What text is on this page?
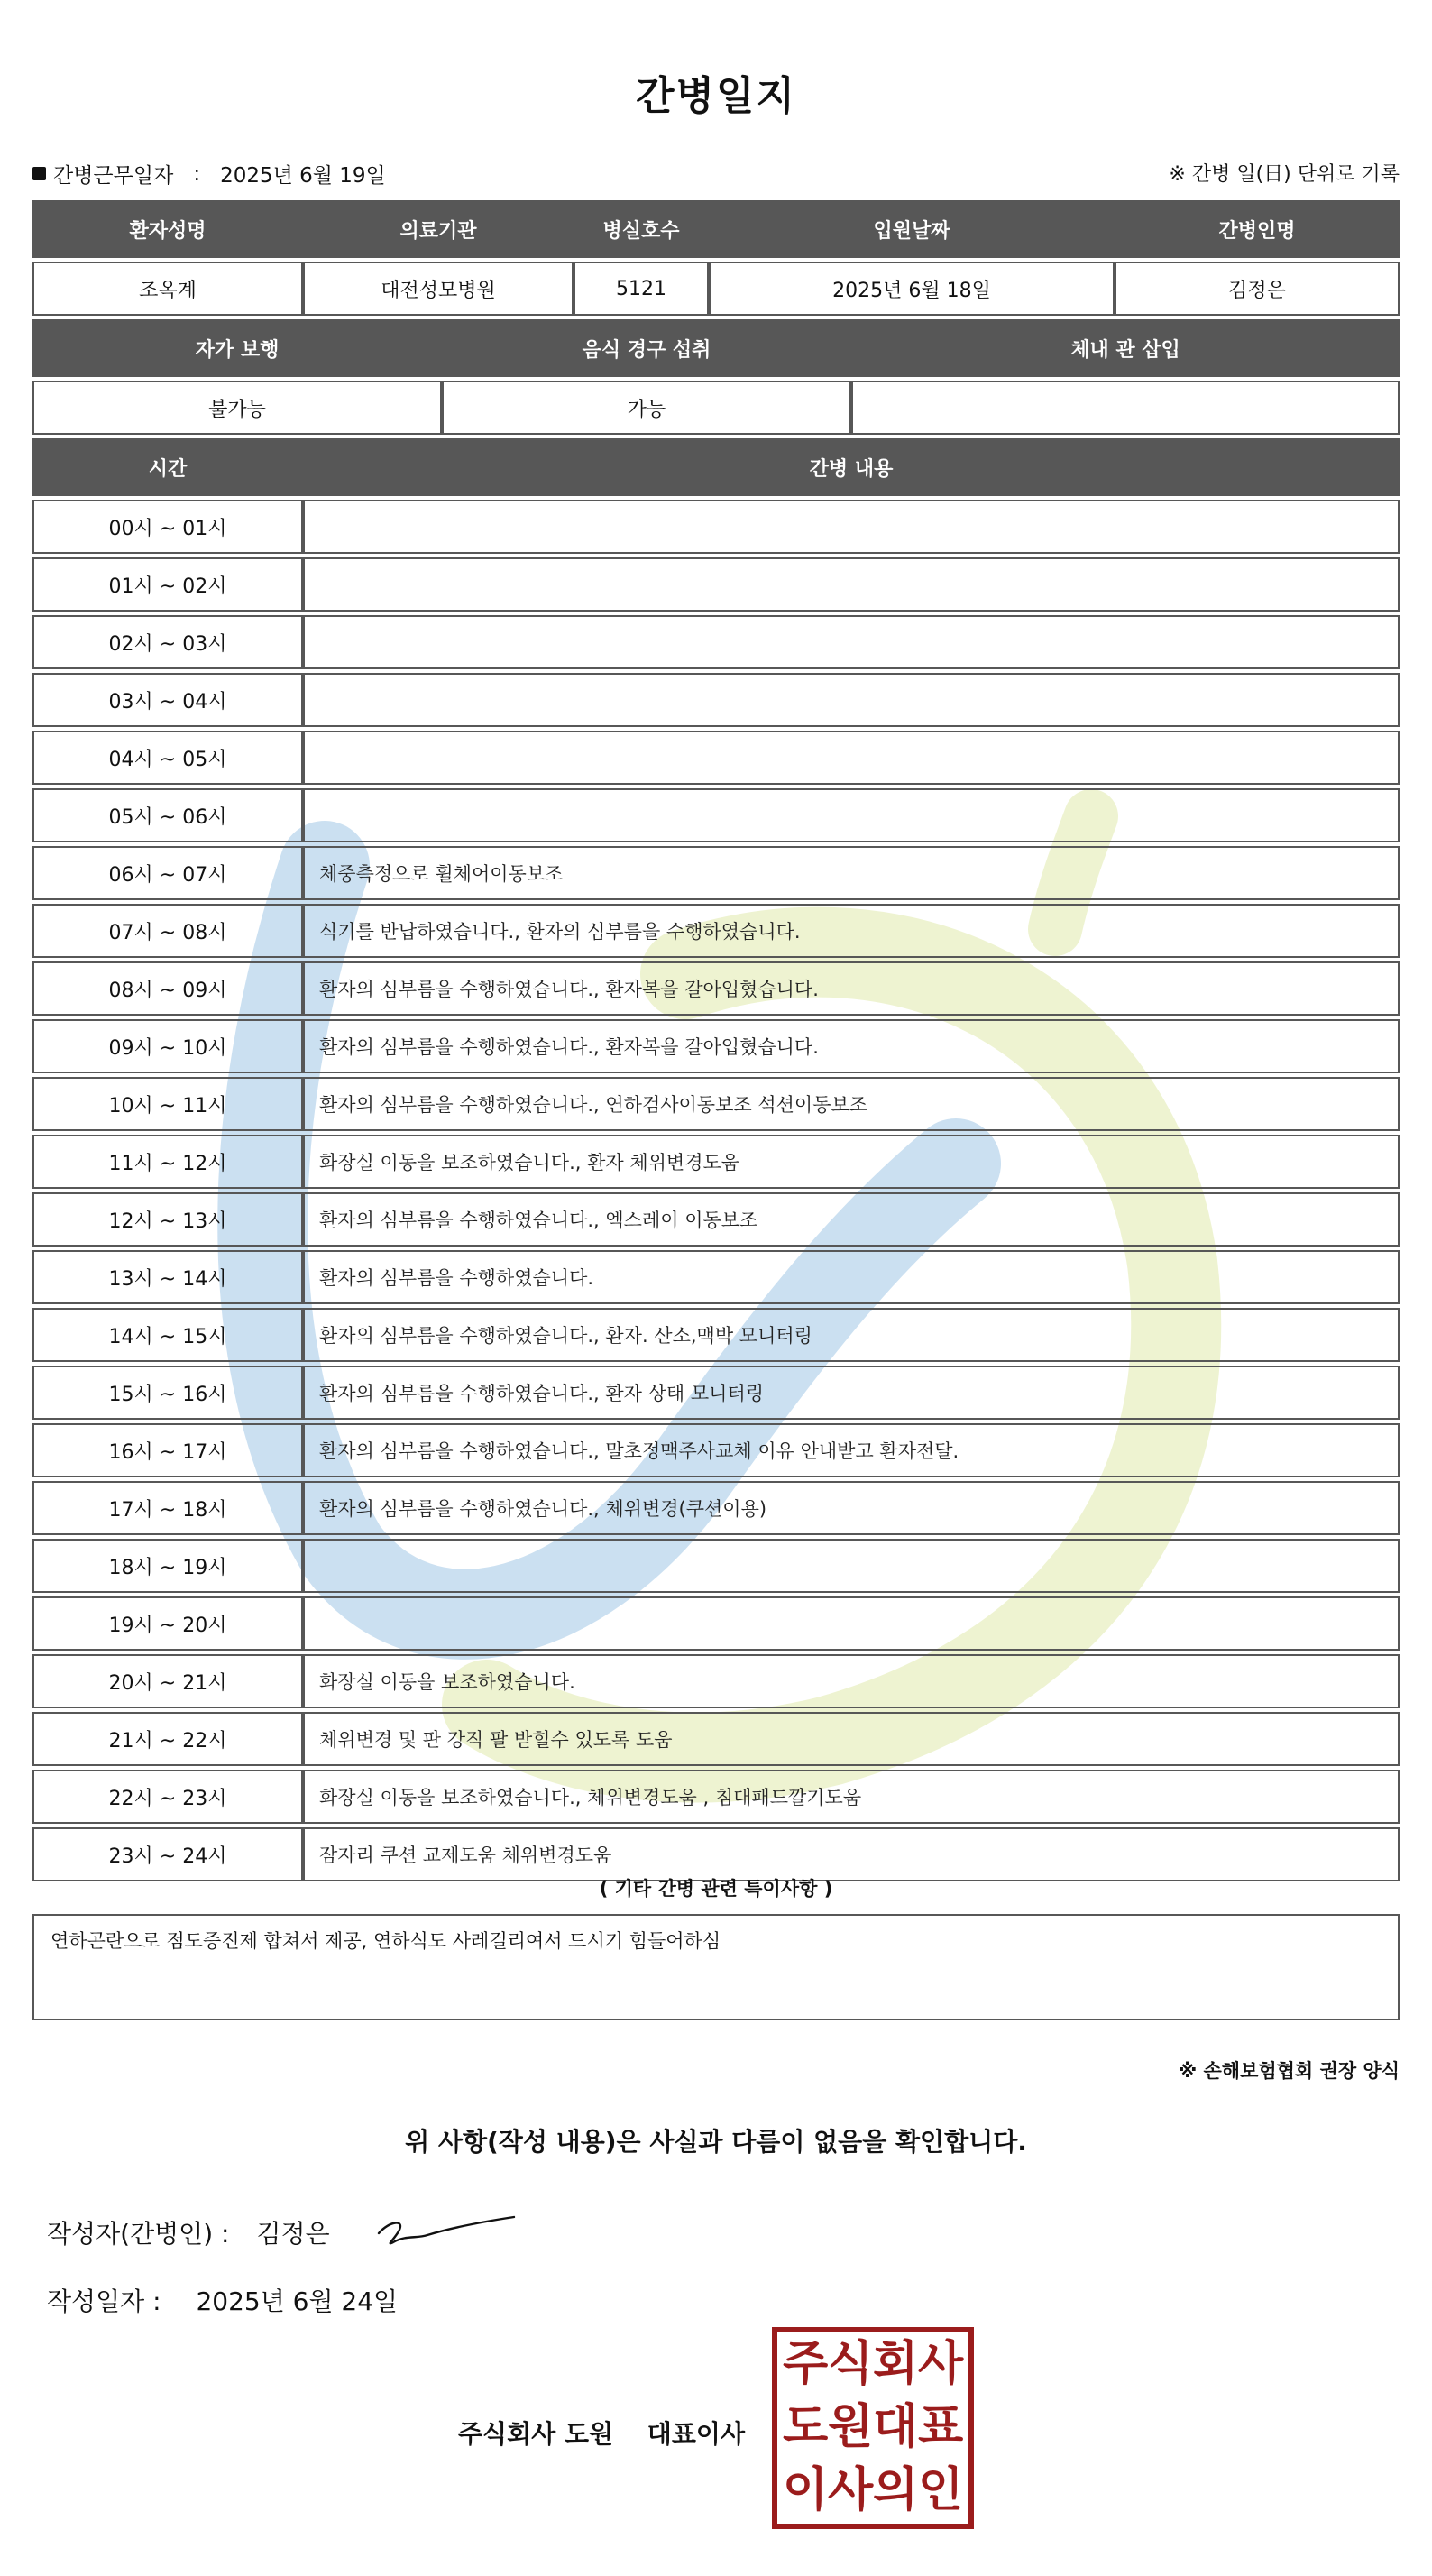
간병일지
간병근무일자 : 2025년 6월 19일	※ 간병 일(日) 단위로 기록
환자성명	의료기관	병실호수	입원날짜	간병인명
조옥계	대전성모병원	5121	2025년 6월 18일	김정은
자가 보행	음식 경구 섭취	체내 관 삽입
불가능	가능	
시간	간병 내용
00시 ~ 01시	
01시 ~ 02시	
02시 ~ 03시	
03시 ~ 04시	
04시 ~ 05시	
05시 ~ 06시	
06시 ~ 07시	체중측정으로 휠체어이동보조
07시 ~ 08시	식기를 반납하였습니다., 환자의 심부름을 수행하였습니다.
08시 ~ 09시	환자의 심부름을 수행하였습니다., 환자복을 갈아입혔습니다.
09시 ~ 10시	환자의 심부름을 수행하였습니다., 환자복을 갈아입혔습니다.
10시 ~ 11시	환자의 심부름을 수행하였습니다., 연하검사이동보조 석션이동보조
11시 ~ 12시	화장실 이동을 보조하였습니다., 환자 체위변경도움
12시 ~ 13시	환자의 심부름을 수행하였습니다., 엑스레이 이동보조
13시 ~ 14시	환자의 심부름을 수행하였습니다.
14시 ~ 15시	환자의 심부름을 수행하였습니다., 환자. 산소,맥박 모니터링
15시 ~ 16시	환자의 심부름을 수행하였습니다., 환자 상태 모니터링
16시 ~ 17시	환자의 심부름을 수행하였습니다., 말초정맥주사교체 이유 안내받고 환자전달.
17시 ~ 18시	환자의 심부름을 수행하였습니다., 체위변경(쿠션이용)
18시 ~ 19시	
19시 ~ 20시	
20시 ~ 21시	화장실 이동을 보조하였습니다.
21시 ~ 22시	체위변경 및 판 강직 팔 받힐수 있도록 도움
22시 ~ 23시	화장실 이동을 보조하였습니다., 체위변경도움 , 침대패드깔기도움
23시 ~ 24시	잠자리 쿠션 교제도움 체위변경도움
( 기타 간병 관련 특이사항 )
연하곤란으로 점도증진제 합쳐서 제공, 연하식도 사레걸리여서 드시기 힘들어하심
※ 손해보험협회 권장 양식
위 사항(작성 내용)은 사실과 다름이 없음을 확인합니다.
작성자(간병인) : 김정은
작성일자 : 2025년 6월 24일
주식회사 도원 대표이사
주 식 회 사
도 원 대 표
이 사 의 인
